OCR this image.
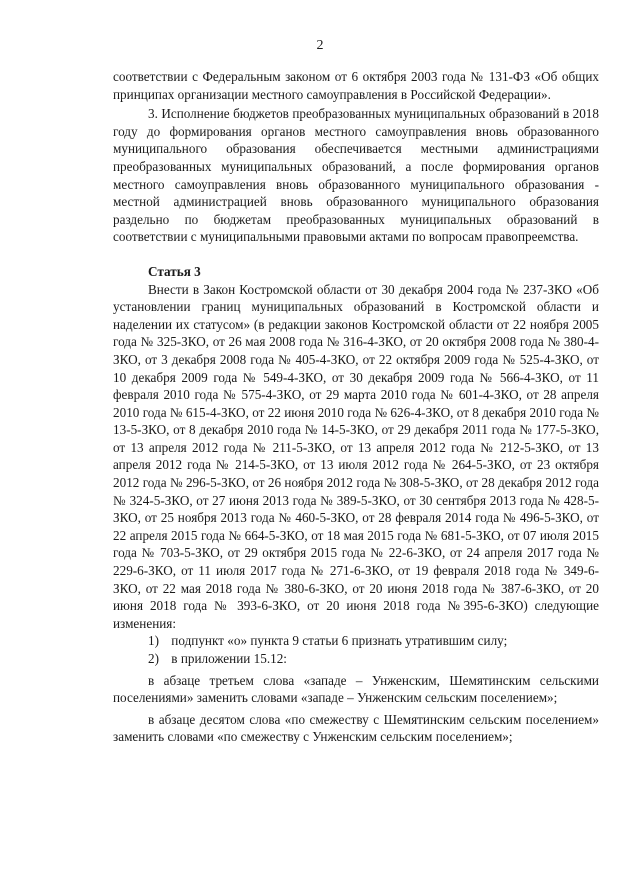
2

соответствии с Федеральным законом от 6 октября 2003 года № 131-ФЗ «Об общих принципах организации местного самоуправления в Российской Федерации».

3. Исполнение бюджетов преобразованных муниципальных образований в 2018 году до формирования органов местного самоуправления вновь образованного муниципального образования обеспечивается местными администрациями преобразованных муниципальных образований, а после формирования органов местного самоуправления вновь образованного муниципального образования - местной администрацией вновь образованного муниципального образования раздельно по бюджетам преобразованных муниципальных образований в соответствии с муниципальными правовыми актами по вопросам правопреемства.

Статья 3

Внести в Закон Костромской области от 30 декабря 2004 года № 237-ЗКО «Об установлении границ муниципальных образований в Костромской области и наделении их статусом» (в редакции законов Костромской области от 22 ноября 2005 года № 325-ЗКО, от 26 мая 2008 года № 316-4-ЗКО, от 20 октября 2008 года № 380-4-ЗКО, от 3 декабря 2008 года № 405-4-ЗКО, от 22 октября 2009 года № 525-4-ЗКО, от 10 декабря 2009 года № 549-4-ЗКО, от 30 декабря 2009 года № 566-4-ЗКО, от 11 февраля 2010 года № 575-4-ЗКО, от 29 марта 2010 года № 601-4-ЗКО, от 28 апреля 2010 года № 615-4-ЗКО, от 22 июня 2010 года № 626-4-ЗКО, от 8 декабря 2010 года № 13-5-ЗКО, от 8 декабря 2010 года № 14-5-ЗКО, от 29 декабря 2011 года № 177-5-ЗКО, от 13 апреля 2012 года № 211-5-ЗКО, от 13 апреля 2012 года № 212-5-ЗКО, от 13 апреля 2012 года № 214-5-ЗКО, от 13 июля 2012 года № 264-5-ЗКО, от 23 октября 2012 года № 296-5-ЗКО, от 26 ноября 2012 года № 308-5-ЗКО, от 28 декабря 2012 года № 324-5-ЗКО, от 27 июня 2013 года № 389-5-ЗКО, от 30 сентября 2013 года № 428-5-ЗКО, от 25 ноября 2013 года № 460-5-ЗКО, от 28 февраля 2014 года № 496-5-ЗКО, от 22 апреля 2015 года № 664-5-ЗКО, от 18 мая 2015 года № 681-5-ЗКО, от 07 июля 2015 года № 703-5-ЗКО, от 29 октября 2015 года № 22-6-ЗКО, от 24 апреля 2017 года № 229-6-ЗКО, от 11 июля 2017 года № 271-6-ЗКО, от 19 февраля 2018 года № 349-6-ЗКО, от 22 мая 2018 года № 380-6-ЗКО, от 20 июня 2018 года № 387-6-ЗКО, от 20 июня 2018 года № 393-6-ЗКО, от 20 июня 2018 года №395-6-ЗКО) следующие изменения:

1) подпункт «о» пункта 9 статьи 6 признать утратившим силу;

2) в приложении 15.12:

в абзаце третьем слова «западе – Унженским, Шемятинским сельскими поселениями» заменить словами «западе – Унженским сельским поселением»;

в абзаце десятом слова «по смежеству с Шемятинским сельским поселением» заменить словами «по смежеству с Унженским сельским поселением»;
